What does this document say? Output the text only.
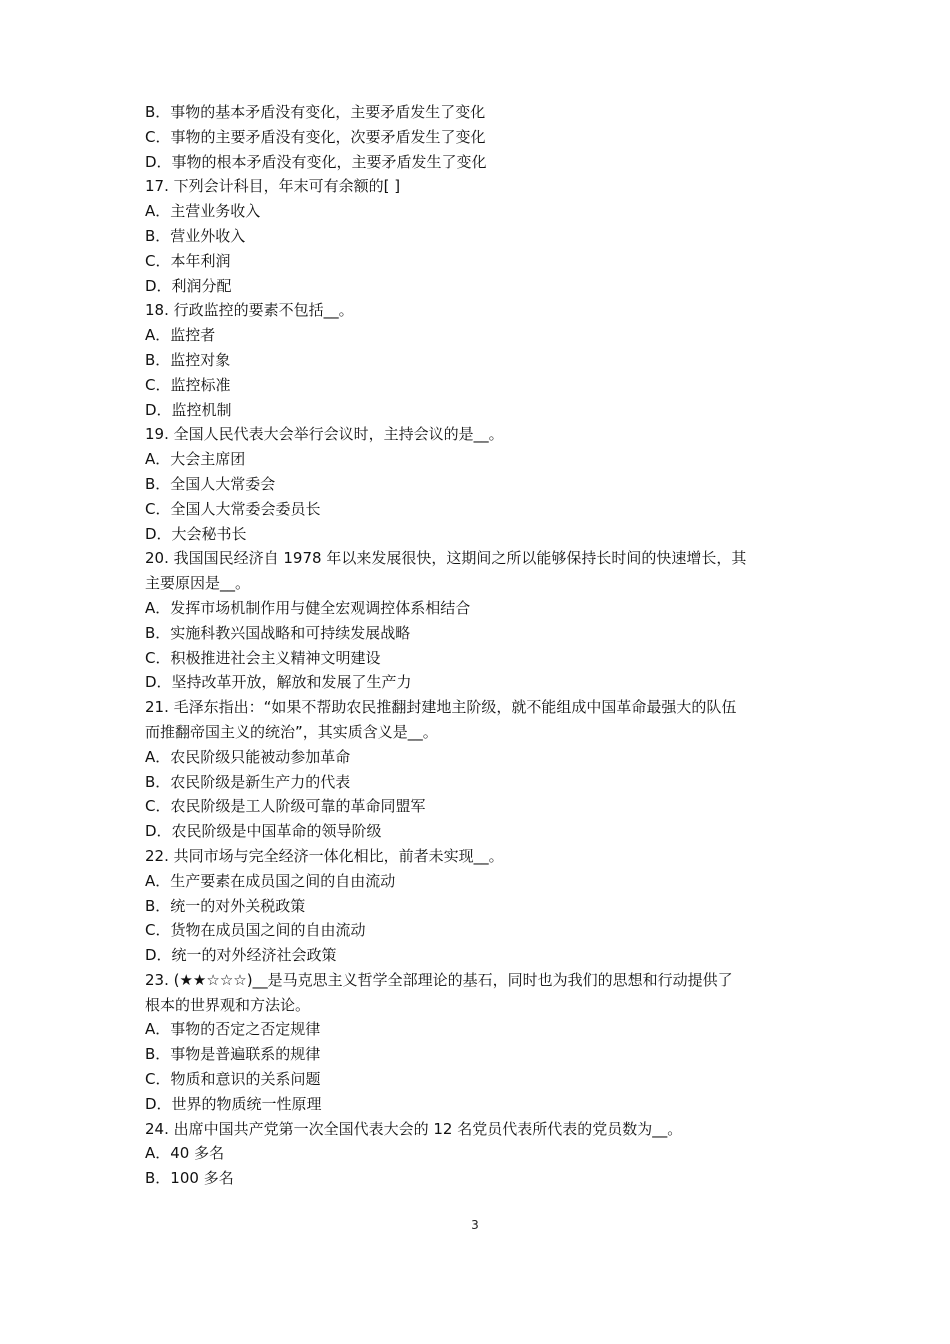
B．事物的基本矛盾没有变化，主要矛盾发生了变化
C．事物的主要矛盾没有变化，次要矛盾发生了变化
D．事物的根本矛盾没有变化，主要矛盾发生了变化
17. 下列会计科目，年末可有余额的[ ]
A．主营业务收入
B．营业外收入
C．本年利润
D．利润分配
18. 行政监控的要素不包括__。
A．监控者
B．监控对象
C．监控标准
D．监控机制
19. 全国人民代表大会举行会议时，主持会议的是__。
A．大会主席团
B．全国人大常委会
C．全国人大常委会委员长
D．大会秘书长
20. 我国国民经济自 1978 年以来发展很快，这期间之所以能够保持长时间的快速增长，其
主要原因是__。
A．发挥市场机制作用与健全宏观调控体系相结合
B．实施科教兴国战略和可持续发展战略
C．积极推进社会主义精神文明建设
D．坚持改革开放，解放和发展了生产力
21. 毛泽东指出：“如果不帮助农民推翻封建地主阶级，就不能组成中国革命最强大的队伍
而推翻帝国主义的统治”，其实质含义是__。
A．农民阶级只能被动参加革命
B．农民阶级是新生产力的代表
C．农民阶级是工人阶级可靠的革命同盟军
D．农民阶级是中国革命的领导阶级
22. 共同市场与完全经济一体化相比，前者未实现__。
A．生产要素在成员国之间的自由流动
B．统一的对外关税政策
C．货物在成员国之间的自由流动
D．统一的对外经济社会政策
23. (★★☆☆☆)__是马克思主义哲学全部理论的基石，同时也为我们的思想和行动提供了
根本的世界观和方法论。
A．事物的否定之否定规律
B．事物是普遍联系的规律
C．物质和意识的关系问题
D．世界的物质统一性原理
24. 出席中国共产党第一次全国代表大会的 12 名党员代表所代表的党员数为__。
A．40 多名
B．100 多名
3
